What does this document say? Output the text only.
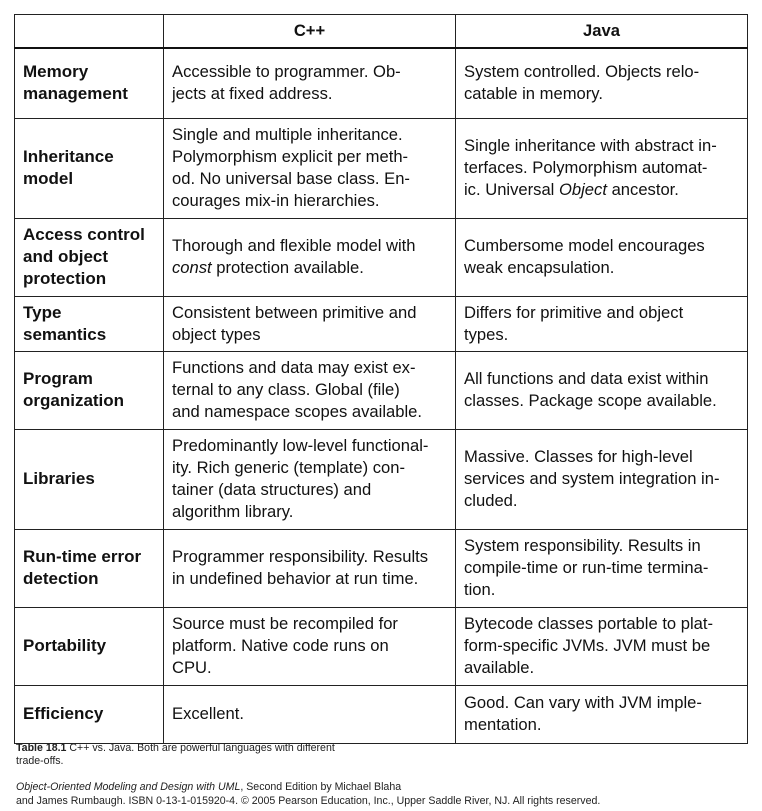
	C++	Java

Memory
management	Accessible to programmer. Ob-
jects at fixed address.	System controlled. Objects relo-
catable in memory.

Inheritance
model	Single and multiple inheritance.
Polymorphism explicit per meth-
od. No universal base class. En-
courages mix-in hierarchies.	Single inheritance with abstract in-
terfaces. Polymorphism automat-
ic. Universal Object ancestor.

Access control
and object
protection	Thorough and flexible model with
const protection available.	Cumbersome model encourages
weak encapsulation.

Type
semantics	Consistent between primitive and
object types	Differs for primitive and object
types.

Program
organization	Functions and data may exist ex-
ternal to any class. Global (file)
and namespace scopes available.	All functions and data exist within
classes. Package scope available.

Libraries	Predominantly low-level functional-
ity. Rich generic (template) con-
tainer (data structures) and
algorithm library.	Massive. Classes for high-level
services and system integration in-
cluded.

Run-time error
detection	Programmer responsibility. Results
in undefined behavior at run time.	System responsibility. Results in
compile-time or run-time termina-
tion.

Portability	Source must be recompiled for
platform. Native code runs on
CPU.	Bytecode classes portable to plat-
form-specific JVMs. JVM must be
available.

Efficiency	Excellent.	Good. Can vary with JVM imple-
mentation.
Table 18.1 C++ vs. Java. Both are powerful languages with different
trade-offs.
Object-Oriented Modeling and Design with UML, Second Edition by Michael Blaha
and James Rumbaugh. ISBN 0-13-1-015920-4. © 2005 Pearson Education, Inc., Upper Saddle River, NJ. All rights reserved.
